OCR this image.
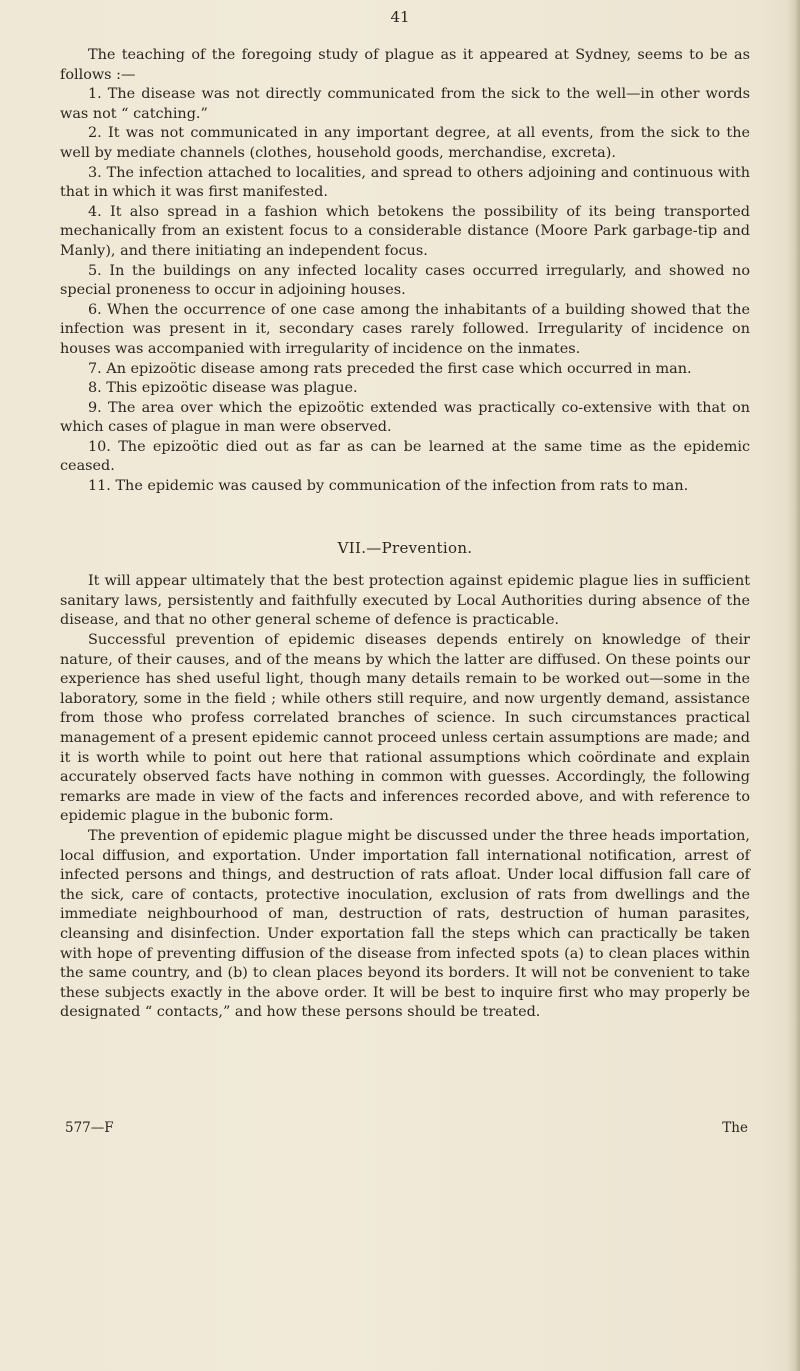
41

The teaching of the foregoing study of plague as it appeared at Sydney, seems to be as follows :—

1. The disease was not directly communicated from the sick to the well—in other words was not “ catching.”

2. It was not communicated in any important degree, at all events, from the sick to the well by mediate channels (clothes, household goods, merchandise, excreta).

3. The infection attached to localities, and spread to others adjoining and continuous with that in which it was first manifested.

4. It also spread in a fashion which betokens the possibility of its being transported mechanically from an existent focus to a considerable distance (Moore Park garbage-tip and Manly), and there initiating an independent focus.

5. In the buildings on any infected locality cases occurred irregularly, and showed no special proneness to occur in adjoining houses.

6. When the occurrence of one case among the inhabitants of a building showed that the infection was present in it, secondary cases rarely followed. Irregularity of incidence on houses was accompanied with irregularity of incidence on the inmates.

7. An epizoötic disease among rats preceded the first case which occurred in man.

8. This epizoötic disease was plague.

9. The area over which the epizoötic extended was practically co-extensive with that on which cases of plague in man were observed.

10. The epizoötic died out as far as can be learned at the same time as the epidemic ceased.

11. The epidemic was caused by communication of the infection from rats to man.

VII.—Prevention.

It will appear ultimately that the best protection against epidemic plague lies in sufficient sanitary laws, persistently and faithfully executed by Local Authorities during absence of the disease, and that no other general scheme of defence is practicable.

Successful prevention of epidemic diseases depends entirely on knowledge of their nature, of their causes, and of the means by which the latter are diffused. On these points our experience has shed useful light, though many details remain to be worked out—some in the laboratory, some in the field ; while others still require, and now urgently demand, assistance from those who profess correlated branches of science. In such circumstances practical management of a present epidemic cannot proceed unless certain assumptions are made; and it is worth while to point out here that rational assumptions which coördinate and explain accurately observed facts have nothing in common with guesses. Accordingly, the following remarks are made in view of the facts and inferences recorded above, and with reference to epidemic plague in the bubonic form.

The prevention of epidemic plague might be discussed under the three heads importation, local diffusion, and exportation. Under importation fall international notification, arrest of infected persons and things, and destruction of rats afloat. Under local diffusion fall care of the sick, care of contacts, protective inoculation, exclusion of rats from dwellings and the immediate neighbourhood of man, destruction of rats, destruction of human parasites, cleansing and disinfection. Under exportation fall the steps which can practically be taken with hope of preventing diffusion of the disease from infected spots (a) to clean places within the same country, and (b) to clean places beyond its borders. It will not be convenient to take these subjects exactly in the above order. It will be best to inquire first who may properly be designated “ contacts,” and how these persons should be treated.

577—F	The
